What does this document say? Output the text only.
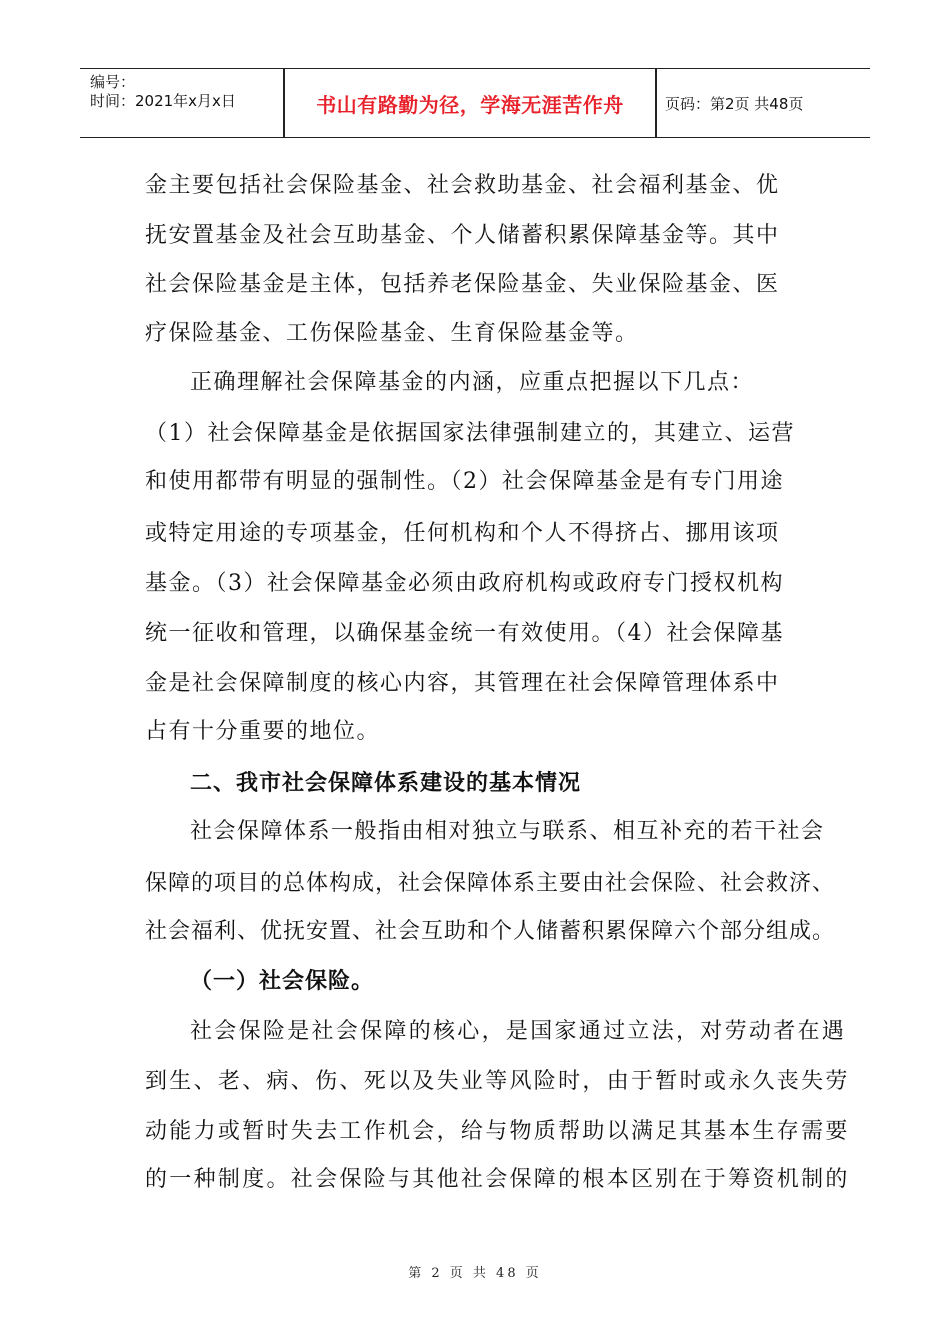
编号：
时间：2021年x月x日	书山有路勤为径，学海无涯苦作舟	页码：第2页 共48页
金主要包括社会保险基金、社会救助基金、社会福利基金、优
抚安置基金及社会互助基金、个人储蓄积累保障基金等。其中
社会保险基金是主体，包括养老保险基金、失业保险基金、医
疗保险基金、工伤保险基金、生育保险基金等。
正确理解社会保障基金的内涵，应重点把握以下几点：
（1）社会保障基金是依据国家法律强制建立的，其建立、运营
和使用都带有明显的强制性。（2）社会保障基金是有专门用途
或特定用途的专项基金，任何机构和个人不得挤占、挪用该项
基金。（3）社会保障基金必须由政府机构或政府专门授权机构
统一征收和管理，以确保基金统一有效使用。（4）社会保障基
金是社会保障制度的核心内容，其管理在社会保障管理体系中
占有十分重要的地位。
二、我市社会保障体系建设的基本情况
社会保障体系一般指由相对独立与联系、相互补充的若干社会
保障的项目的总体构成，社会保障体系主要由社会保险、社会救济、
社会福利、优抚安置、社会互助和个人储蓄积累保障六个部分组成。
（一）社会保险。
社会保险是社会保障的核心，是国家通过立法，对劳动者在遇
到生、老、病、伤、死以及失业等风险时，由于暂时或永久丧失劳
动能力或暂时失去工作机会，给与物质帮助以满足其基本生存需要
的一种制度。社会保险与其他社会保障的根本区别在于筹资机制的
第 2 页 共 48 页
